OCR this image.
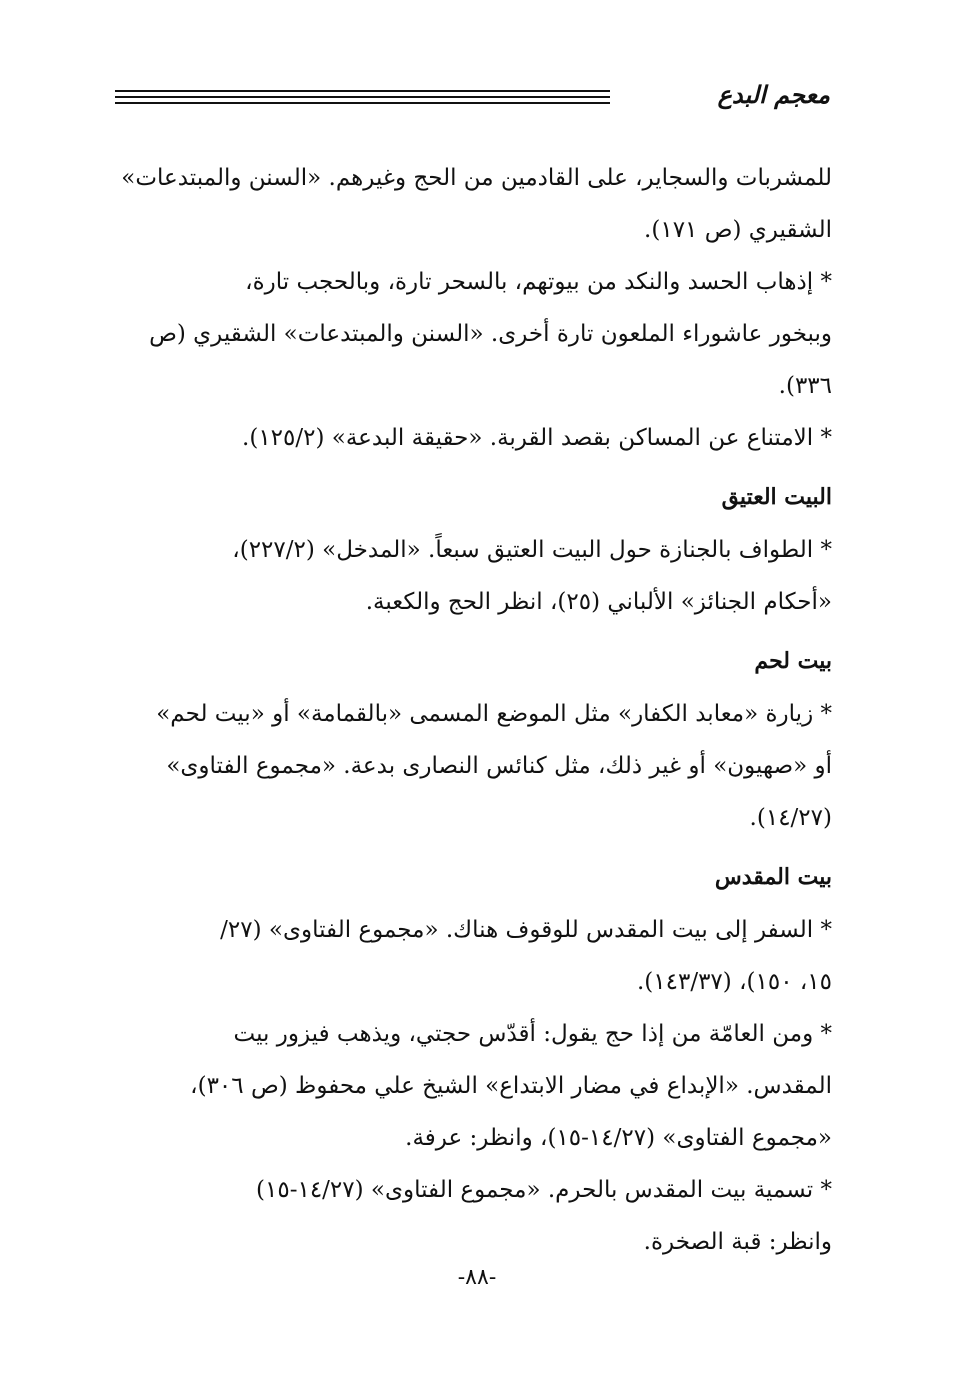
معجم البدع

للمشربات والسجاير، على القادمين من الحج وغيرهم. «السنن والمبتدعات»
الشقيري (ص ١٧١).

* إذهاب الحسد والنكد من بيوتهم، بالسحر تارة، وبالحجب تارة،
وببخور عاشوراء الملعون تارة أخرى. «السنن والمبتدعات» الشقيري (ص
٣٣٦).

* الامتناع عن المساكن بقصد القربة. «حقيقة البدعة» (١٢٥/٢).

البيت العتيق

* الطواف بالجنازة حول البيت العتيق سبعاً. «المدخل» (٢٢٧/٢)،
«أحكام الجنائز» الألباني (٢٥)، انظر الحج والكعبة.

بيت لحم

* زيارة «معابد الكفار» مثل الموضع المسمى «بالقمامة» أو «بيت لحم»
أو «صهيون» أو غير ذلك، مثل كنائس النصارى بدعة. «مجموع الفتاوى»
(١٤/٢٧).

بيت المقدس

* السفر إلى بيت المقدس للوقوف هناك. «مجموع الفتاوى» (٢٧/
١٥، ١٥٠)، (١٤٣/٣٧).

* ومن العامّة من إذا حج يقول: أقدّس حجتي، ويذهب فيزور بيت
المقدس. «الإبداع في مضار الابتداع» الشيخ علي محفوظ (ص ٣٠٦)،
«مجموع الفتاوى» (١٤/٢٧-١٥)، وانظر: عرفة.

* تسمية بيت المقدس بالحرم. «مجموع الفتاوى» (١٤/٢٧-١٥)
وانظر: قبة الصخرة.

-٨٨-
